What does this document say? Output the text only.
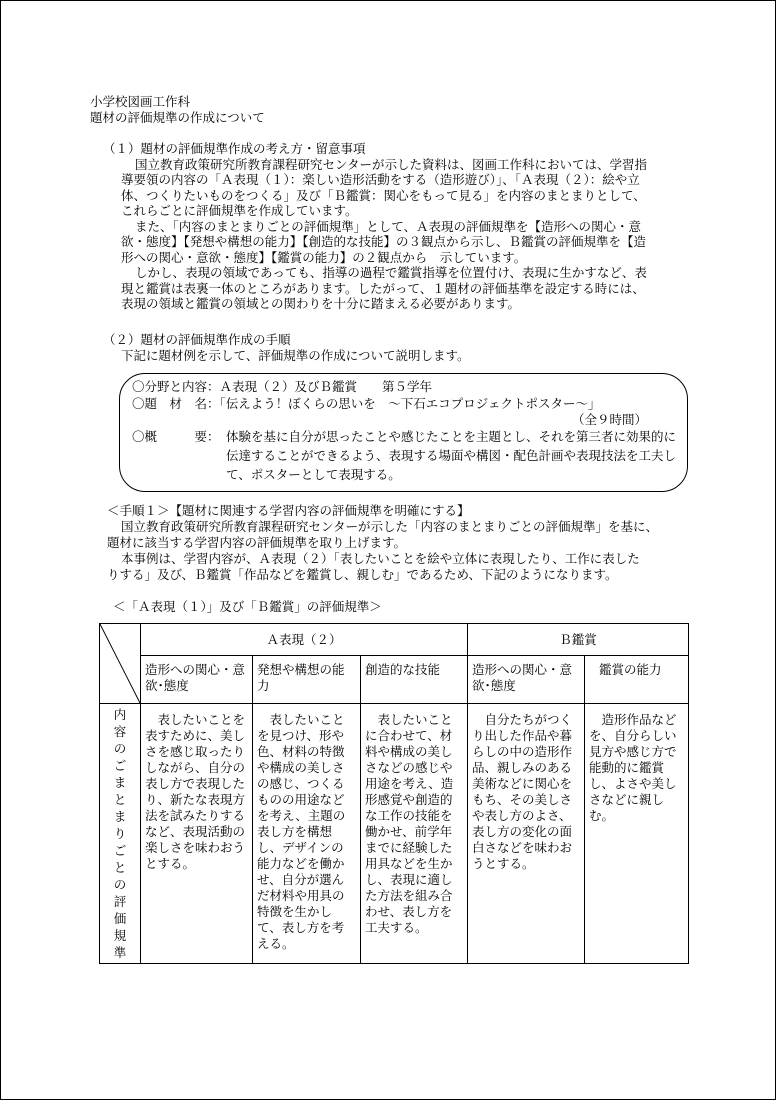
小学校図画工作科
題材の評価規準の作成について
（１）題材の評価規準作成の考え方・留意事項
国立教育政策研究所教育課程研究センターが示した資料は、図画工作科においては、学習指
導要領の内容の「Ａ表現（１）：楽しい造形活動をする（造形遊び）」、「Ａ表現（２）：絵や立
体、つくりたいものをつくる」及び「Ｂ鑑賞：関心をもって見る」を内容のまとまりとして、
これらごとに評価規準を作成しています。
また、「内容のまとまりごとの評価規準」として、Ａ表現の評価規準を【造形への関心・意
欲・態度】【発想や構想の能力】【創造的な技能】の３観点から示し、Ｂ鑑賞の評価規準を【造
形への関心・意欲・態度】【鑑賞の能力】の２観点から　示しています。
しかし、表現の領域であっても、指導の過程で鑑賞指導を位置付け、表現に生かすなど、表
現と鑑賞は表裏一体のところがあります。したがって、１題材の評価基準を設定する時には、
表現の領域と鑑賞の領域との関わりを十分に踏まえる必要があります。
（２）題材の評価規準作成の手順
下記に題材例を示して、評価規準の作成について説明します。
〇分野と内容：Ａ表現（２）及びＢ鑑賞　　第５学年
〇題　材　名：「伝えよう！ぼくらの思いを　～下石エコプロジェクトポスター～」
（全９時間）
〇概　　　要： 体験を基に自分が思ったことや感じたことを主題とし、それを第三者に効果的に
伝達することができるよう、表現する場面や構図・配色計画や表現技法を工夫し
て、ポスターとして表現する。
＜手順１＞【題材に関連する学習内容の評価規準を明確にする】
国立教育政策研究所教育課程研究センターが示した「内容のまとまりごとの評価規準」を基に、
題材に該当する学習内容の評価規準を取り上げます。
本事例は、学習内容が、Ａ表現（２）「表したいことを絵や立体に表現したり、工作に表した
りする」及び、Ｂ鑑賞「作品などを鑑賞し、親しむ」であるため、下記のようになります。
＜「Ａ表現（１）」及び「Ｂ鑑賞」の評価規準＞
	Ａ表現（２）			Ｂ鑑賞	
	造形への関心・意欲･態度	発想や構想の能力	創造的な技能	造形への関心・意欲･態度	鑑賞の能力
内容のごまとまりごとの評価規準	表したいことを表すために、美しさを感じ取ったりしながら、自分の表し方で表現したり、新たな表現方法を試みたりするなど、表現活動の楽しさを味わおうとする。	表したいことを見つけ、形や色、材料の特徴や構成の美しさの感じ、つくるものの用途などを考え、主題の表し方を構想し、デザインの能力などを働かせ、自分が選んだ材料や用具の特徴を生かして、表し方を考える。	表したいことに合わせて、材料や構成の美しさなどの感じや用途を考え、造形感覚や創造的な工作の技能を働かせ、前学年までに経験した用具などを生かし、表現に適した方法を組み合わせ、表し方を工夫する。	自分たちがつくり出した作品や暮らしの中の造形作品、親しみのある美術などに関心をもち、その美しさや表し方のよさ、表し方の変化の面白さなどを味わおうとする。	造形作品などを、自分らしい見方や感じ方で能動的に鑑賞し、よさや美しさなどに親しむ。
